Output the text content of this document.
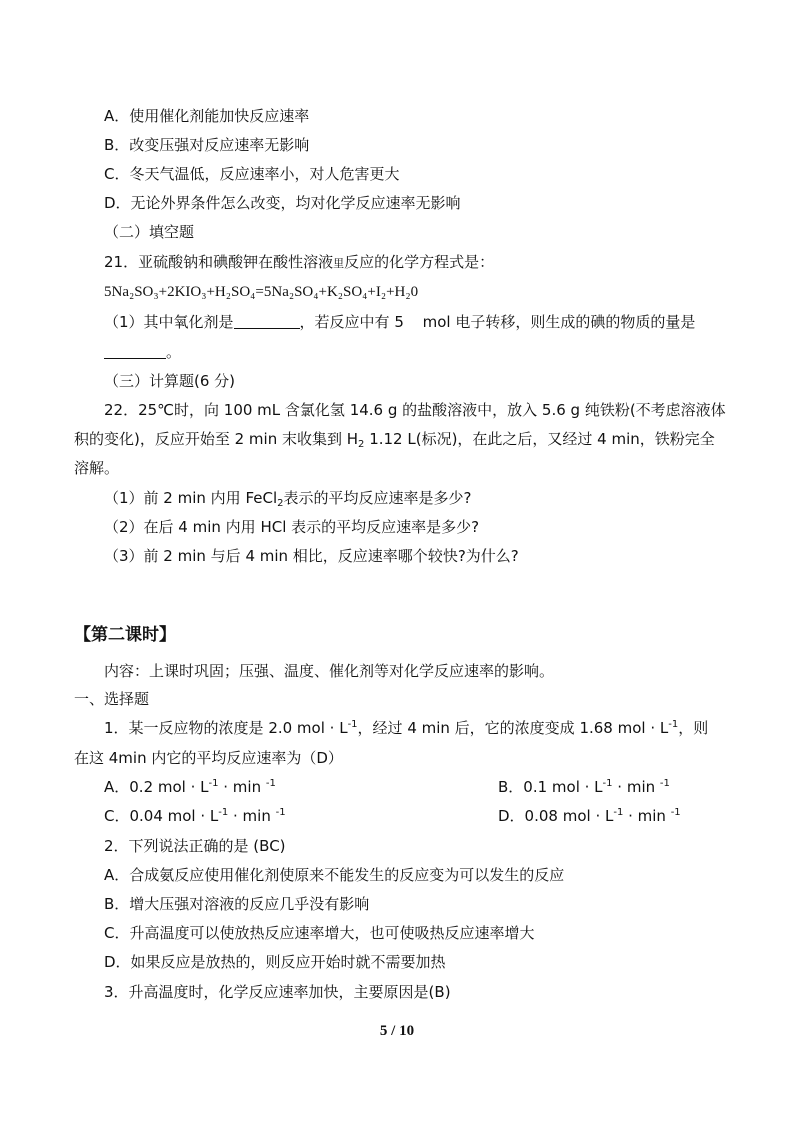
A．使用催化剂能加快反应速率
B．改变压强对反应速率无影响
C．冬天气温低，反应速率小，对人危害更大
D．无论外界条件怎么改变，均对化学反应速率无影响
（二）填空题
21．亚硫酸钠和碘酸钾在酸性溶液里反应的化学方程式是：
5Na₂SO₃+2KIO₃+H₂SO₄=5Na₂SO₄+K₂SO₄+I₂+H₂0
（1）其中氧化剂是	，若反应中有 5 mol 电子转移，则生成的碘的物质的量是
。
（三）计算题(6 分)
22．25℃时，向 100 mL 含氯化氢 14.6 g 的盐酸溶液中，放入 5.6 g 纯铁粉(不考虑溶液体
积的变化)，反应开始至 2 min 末收集到 $H_2$ 1.12 L(标况)，在此之后，又经过 4 min，铁粉完全
溶解。
（1）前 2 min 内用 FeCl$_2$表示的平均反应速率是多少?
（2）在后 4 min 内用 HCl 表示的平均反应速率是多少?
（3）前 2 min 与后 4 min 相比，反应速率哪个较快?为什么?
【第二课时】
内容：上课时巩固；压强、温度、催化剂等对化学反应速率的影响。
一、选择题
1．某一反应物的浓度是 2.0 mol · $L^{-1}$，经过 4 min 后，它的浓度变成 1.68 mol · $L^{-1}$，则
在这 4min 内它的平均反应速率为（D）
A．0.2 mol · $L^{-1} \cdot \min ^{-1}$	B．0.1 mol · $L^{-1} \cdot \min ^{-1}$
C．0.04 mol · $L^{-1} \cdot \min ^{-1}$	D．0.08 mol · $L^{-1} \cdot \min ^{-1}$
2．下列说法正确的是 (BC)
A．合成氨反应使用催化剂使原来不能发生的反应变为可以发生的反应
B．增大压强对溶液的反应几乎没有影响
C．升高温度可以使放热反应速率增大，也可使吸热反应速率增大
D．如果反应是放热的，则反应开始时就不需要加热
3．升高温度时，化学反应速率加快，主要原因是(B)
5 / 10
